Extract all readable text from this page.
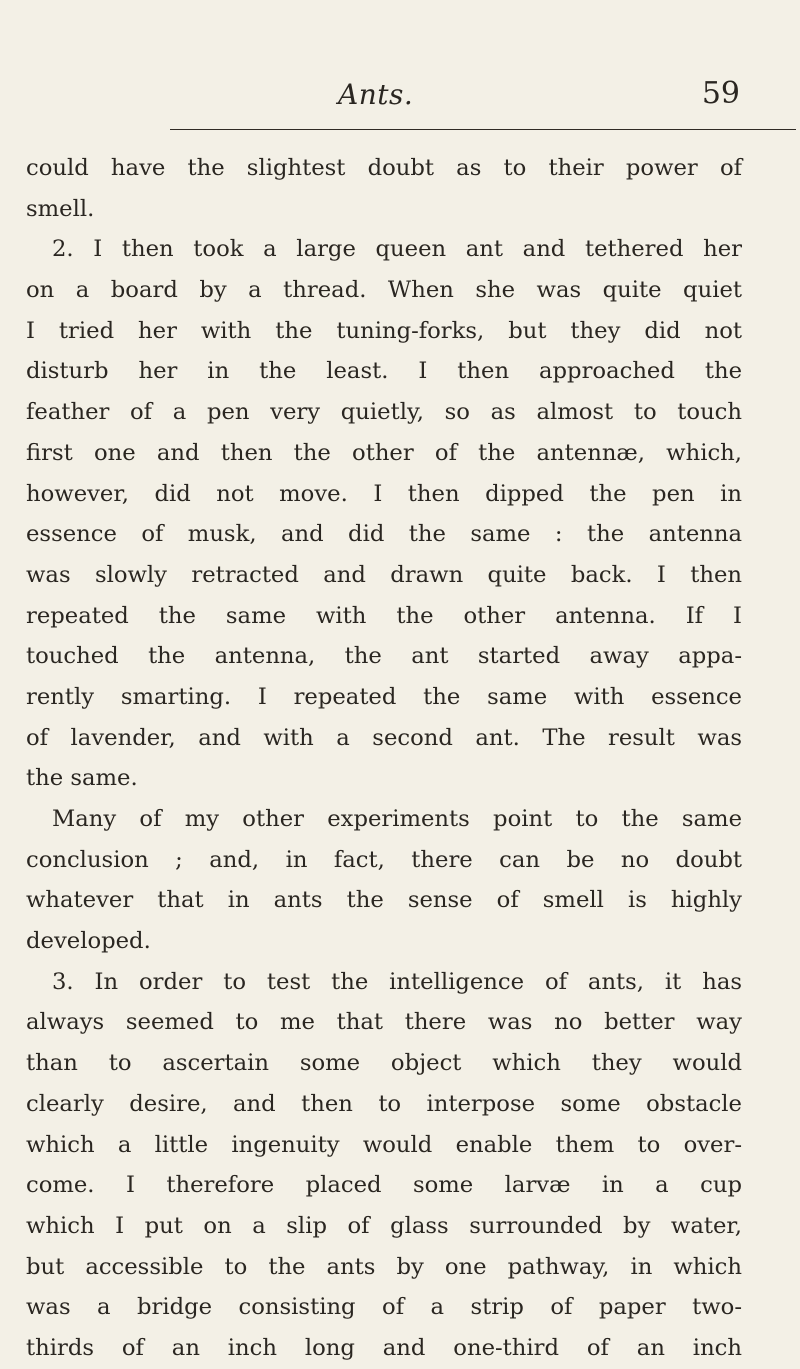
Ants.	59
could have the slightest doubt as to their power of
smell.
2. I then took a large queen ant and tethered her
on a board by a thread. When she was quite quiet
I tried her with the tuning-forks, but they did not
disturb her in the least. I then approached the
feather of a pen very quietly, so as almost to touch
first one and then the other of the antennæ, which,
however, did not move. I then dipped the pen in
essence of musk, and did the same : the antenna
was slowly retracted and drawn quite back. I then
repeated the same with the other antenna. If I
touched the antenna, the ant started away appa-
rently smarting. I repeated the same with essence
of lavender, and with a second ant. The result was
the same.
Many of my other experiments point to the same
conclusion ; and, in fact, there can be no doubt
whatever that in ants the sense of smell is highly
developed.
3. In order to test the intelligence of ants, it has
always seemed to me that there was no better way
than to ascertain some object which they would
clearly desire, and then to interpose some obstacle
which a little ingenuity would enable them to over-
come. I therefore placed some larvæ in a cup
which I put on a slip of glass surrounded by water,
but accessible to the ants by one pathway, in which
was a bridge consisting of a strip of paper two-
thirds of an inch long and one-third of an inch
